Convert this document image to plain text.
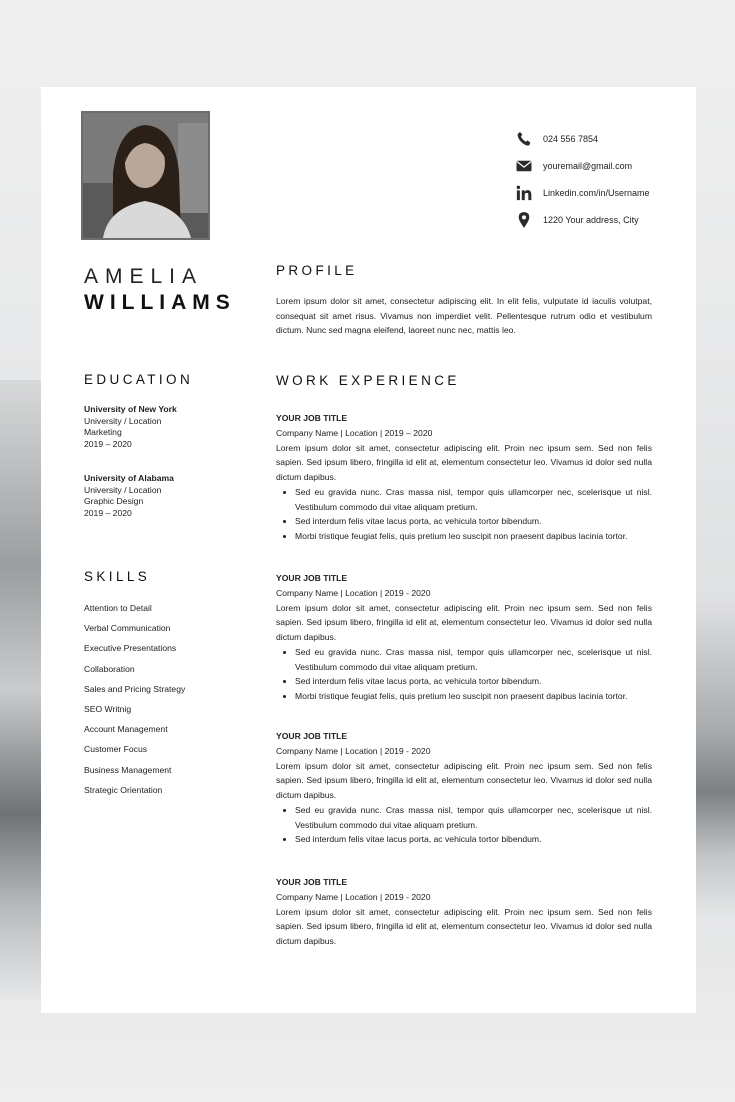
AMELIA
WILLIAMS
024 556 7854
youremail@gmail.com
Linkedin.com/in/Username
1220 Your address, City
PROFILE
Lorem ipsum dolor sit amet, consectetur adipiscing elit. In elit felis, vulputate id iaculis volutpat, consequat sit amet risus. Vivamus non imperdiet velit. Pellentesque rutrum odio et vestibulum dictum. Nunc sed magna eleifend, laoreet nunc nec, mattis leo.
EDUCATION
University of New York
University / Location
Marketing
2019 – 2020
University of Alabama
University / Location
Graphic Design
2019 – 2020
SKILLS
Attention to Detail
Verbal Communication
Executive Presentations
Collaboration
Sales and Pricing Strategy
SEO Writnig
Account Management
Customer Focus
Business Management
Strategic Orientation
WORK EXPERIENCE
YOUR JOB TITLE
Company Name | Location | 2019 – 2020
Lorem ipsum dolor sit amet, consectetur adipiscing elit. Proin nec ipsum sem. Sed non felis sapien. Sed ipsum libero, fringilla id elit at, elementum consectetur leo. Vivamus id dolor sed nulla dictum dapibus.
• Sed eu gravida nunc. Cras massa nisl, tempor quis ullamcorper nec, scelerisque ut nisl. Vestibulum commodo dui vitae aliquam pretium.
• Sed interdum felis vitae lacus porta, ac vehicula tortor bibendum.
• Morbi tristique feugiat felis, quis pretium leo suscipit non praesent dapibus lacinia tortor.
YOUR JOB TITLE
Company Name | Location | 2019 - 2020
Lorem ipsum dolor sit amet, consectetur adipiscing elit. Proin nec ipsum sem. Sed non felis sapien. Sed ipsum libero, fringilla id elit at, elementum consectetur leo. Vivamus id dolor sed nulla dictum dapibus.
• Sed eu gravida nunc. Cras massa nisl, tempor quis ullamcorper nec, scelerisque ut nisl. Vestibulum commodo dui vitae aliquam pretium.
• Sed interdum felis vitae lacus porta, ac vehicula tortor bibendum.
• Morbi tristique feugiat felis, quis pretium leo suscipit non praesent dapibus lacinia tortor.
YOUR JOB TITLE
Company Name | Location | 2019 - 2020
Lorem ipsum dolor sit amet, consectetur adipiscing elit. Proin nec ipsum sem. Sed non felis sapien. Sed ipsum libero, fringilla id elit at, elementum consectetur leo. Vivamus id dolor sed nulla dictum dapibus.
• Sed eu gravida nunc. Cras massa nisl, tempor quis ullamcorper nec, scelerisque ut nisl. Vestibulum commodo dui vitae aliquam pretium.
• Sed interdum felis vitae lacus porta, ac vehicula tortor bibendum.
YOUR JOB TITLE
Company Name | Location | 2019 - 2020
Lorem ipsum dolor sit amet, consectetur adipiscing elit. Proin nec ipsum sem. Sed non felis sapien. Sed ipsum libero, fringilla id elit at, elementum consectetur leo. Vivamus id dolor sed nulla dictum dapibus.
